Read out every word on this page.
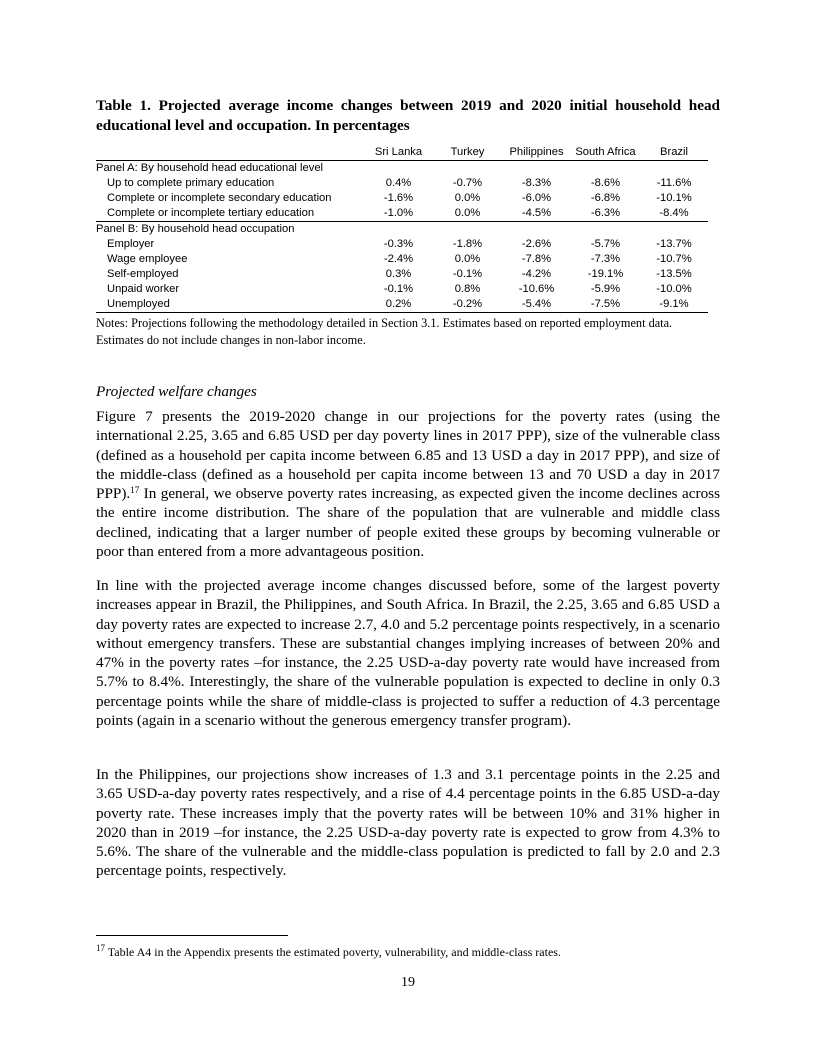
Table 1. Projected average income changes between 2019 and 2020 initial household head educational level and occupation. In percentages
	Sri Lanka	Turkey	Philippines	South Africa	Brazil
Panel A: By household head educational level					
Up to complete primary education	0.4%	-0.7%	-8.3%	-8.6%	-11.6%
Complete or incomplete secondary education	-1.6%	0.0%	-6.0%	-6.8%	-10.1%
Complete or incomplete tertiary education	-1.0%	0.0%	-4.5%	-6.3%	-8.4%
Panel B: By household head occupation					
Employer	-0.3%	-1.8%	-2.6%	-5.7%	-13.7%
Wage employee	-2.4%	0.0%	-7.8%	-7.3%	-10.7%
Self-employed	0.3%	-0.1%	-4.2%	-19.1%	-13.5%
Unpaid worker	-0.1%	0.8%	-10.6%	-5.9%	-10.0%
Unemployed	0.2%	-0.2%	-5.4%	-7.5%	-9.1%
Notes: Projections following the methodology detailed in Section 3.1. Estimates based on reported employment data. Estimates do not include changes in non-labor income.
Projected welfare changes

Figure 7 presents the 2019-2020 change in our projections for the poverty rates (using the international 2.25, 3.65 and 6.85 USD per day poverty lines in 2017 PPP), size of the vulnerable class (defined as a household per capita income between 6.85 and 13 USD a day in 2017 PPP), and size of the middle-class (defined as a household per capita income between 13 and 70 USD a day in 2017 PPP).$^{17}$ In general, we observe poverty rates increasing, as expected given the income declines across the entire income distribution. The share of the population that are vulnerable and middle class declined, indicating that a larger number of people exited these groups by becoming vulnerable or poor than entered from a more advantageous position.

In line with the projected average income changes discussed before, some of the largest poverty increases appear in Brazil, the Philippines, and South Africa. In Brazil, the 2.25, 3.65 and 6.85 USD a day poverty rates are expected to increase 2.7, 4.0 and 5.2 percentage points respectively, in a scenario without emergency transfers. These are substantial changes implying increases of between 20% and 47% in the poverty rates –for instance, the 2.25 USD-a-day poverty rate would have increased from 5.7% to 8.4%. Interestingly, the share of the vulnerable population is expected to decline in only 0.3 percentage points while the share of middle-class is projected to suffer a reduction of 4.3 percentage points (again in a scenario without the generous emergency transfer program).

In the Philippines, our projections show increases of 1.3 and 3.1 percentage points in the 2.25 and 3.65 USD-a-day poverty rates respectively, and a rise of 4.4 percentage points in the 6.85 USD-a-day poverty rate. These increases imply that the poverty rates will be between 10% and 31% higher in 2020 than in 2019 –for instance, the 2.25 USD-a-day poverty rate is expected to grow from 4.3% to 5.6%. The share of the vulnerable and the middle-class population is predicted to fall by 2.0 and 2.3 percentage points, respectively.

$^{17}$ Table A4 in the Appendix presents the estimated poverty, vulnerability, and middle-class rates.
19
